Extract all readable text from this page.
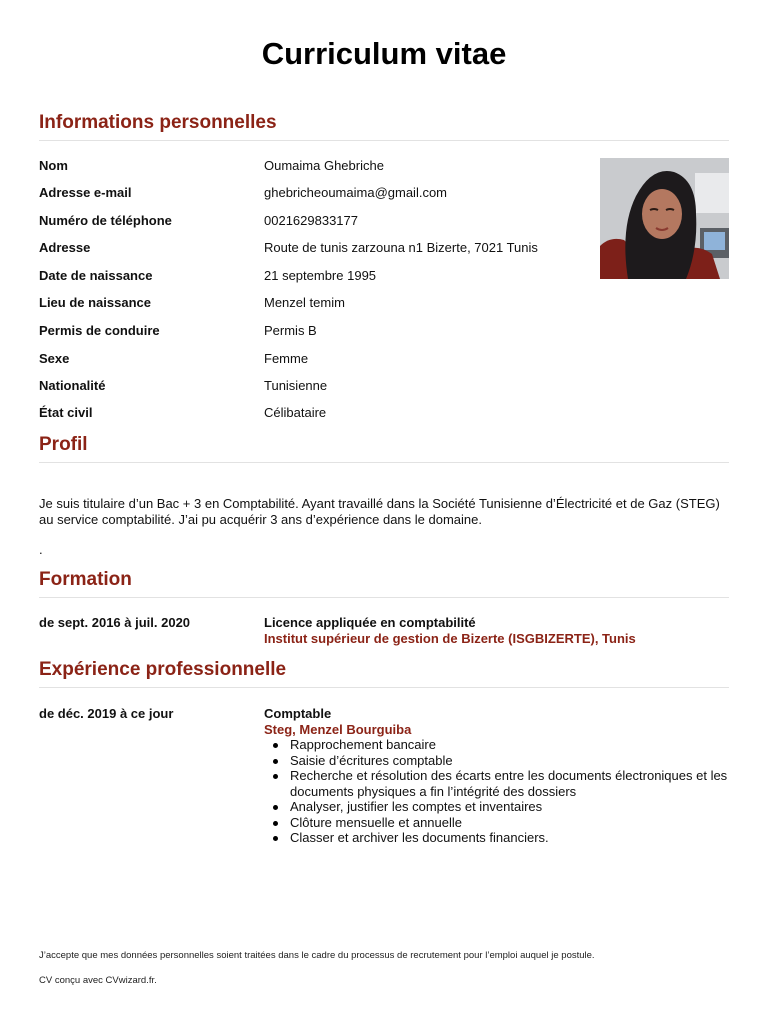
Curriculum vitae
Informations personnelles
Nom	Oumaima Ghebriche
Adresse e-mail	ghebricheoumaima@gmail.com
Numéro de téléphone	0021629833177
Adresse	Route de tunis zarzouna n1 Bizerte, 7021 Tunis
Date de naissance	21 septembre 1995
Lieu de naissance	Menzel temim
Permis de conduire	Permis B
Sexe	Femme
Nationalité	Tunisienne
État civil	Célibataire
Profil
Je suis titulaire d’un Bac + 3 en Comptabilité. Ayant travaillé dans la Société Tunisienne d’Électricité et de Gaz (STEG) au service comptabilité. J’ai pu acquérir 3 ans d’expérience dans le domaine.
.
Formation
de sept. 2016 à juil. 2020	Licence appliquée en comptabilité
Institut supérieur de gestion de Bizerte (ISGBIZERTE), Tunis
Expérience professionnelle
de déc. 2019 à ce jour	Comptable
Steg, Menzel Bourguiba
Rapprochement bancaire
Saisie d’écritures comptable
Recherche et résolution des écarts entre les documents électroniques et les documents physiques a fin l’intégrité des dossiers
Analyser, justifier les comptes et inventaires
Clôture mensuelle et annuelle
Classer et archiver les documents financiers.
J’accepte que mes données personnelles soient traitées dans le cadre du processus de recrutement pour l’emploi auquel je postule.
CV conçu avec CVwizard.fr.
